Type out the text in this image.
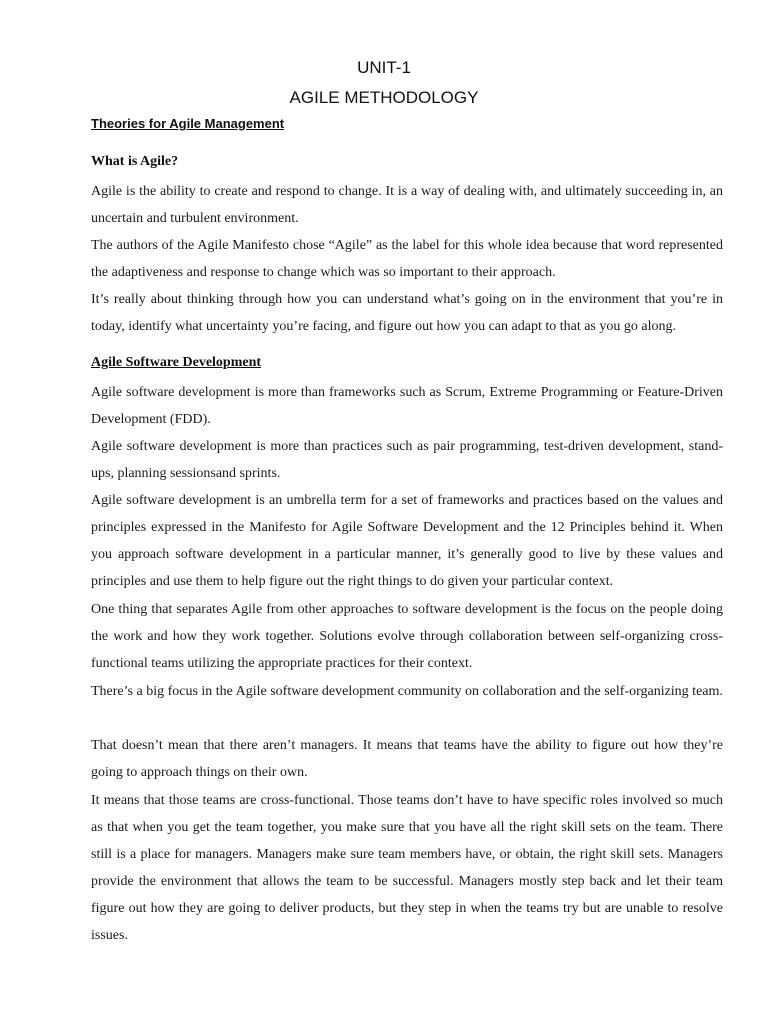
UNIT-1
AGILE METHODOLOGY
Theories for Agile Management
What is Agile?

Agile is the ability to create and respond to change. It is a way of dealing with, and ultimately succeeding in, an uncertain and turbulent environment.

The authors of the Agile Manifesto chose “Agile” as the label for this whole idea because that word represented the adaptiveness and response to change which was so important to their approach.

It’s really about thinking through how you can understand what’s going on in the environment that you’re in today, identify what uncertainty you’re facing, and figure out how you can adapt to that as you go along.

Agile Software Development

Agile software development is more than frameworks such as Scrum, Extreme Programming or Feature-Driven Development (FDD).

Agile software development is more than practices such as pair programming, test-driven development, stand-ups, planning sessionsand sprints.

Agile software development is an umbrella term for a set of frameworks and practices based on the values and principles expressed in the Manifesto for Agile Software Development and the 12 Principles behind it. When you approach software development in a particular manner, it’s generally good to live by these values and principles and use them to help figure out the right things to do given your particular context.

One thing that separates Agile from other approaches to software development is the focus on the people doing the work and how they work together. Solutions evolve through collaboration between self-organizing cross-functional teams utilizing the appropriate practices for their context.

There’s a big focus in the Agile software development community on collaboration and the self-organizing team.

That doesn’t mean that there aren’t managers. It means that teams have the ability to figure out how they’re going to approach things on their own.

It means that those teams are cross-functional. Those teams don’t have to have specific roles involved so much as that when you get the team together, you make sure that you have all the right skill sets on the team. There still is a place for managers. Managers make sure team members have, or obtain, the right skill sets. Managers provide the environment that allows the team to be successful. Managers mostly step back and let their team figure out how they are going to deliver products, but they step in when the teams try but are unable to resolve issues.
